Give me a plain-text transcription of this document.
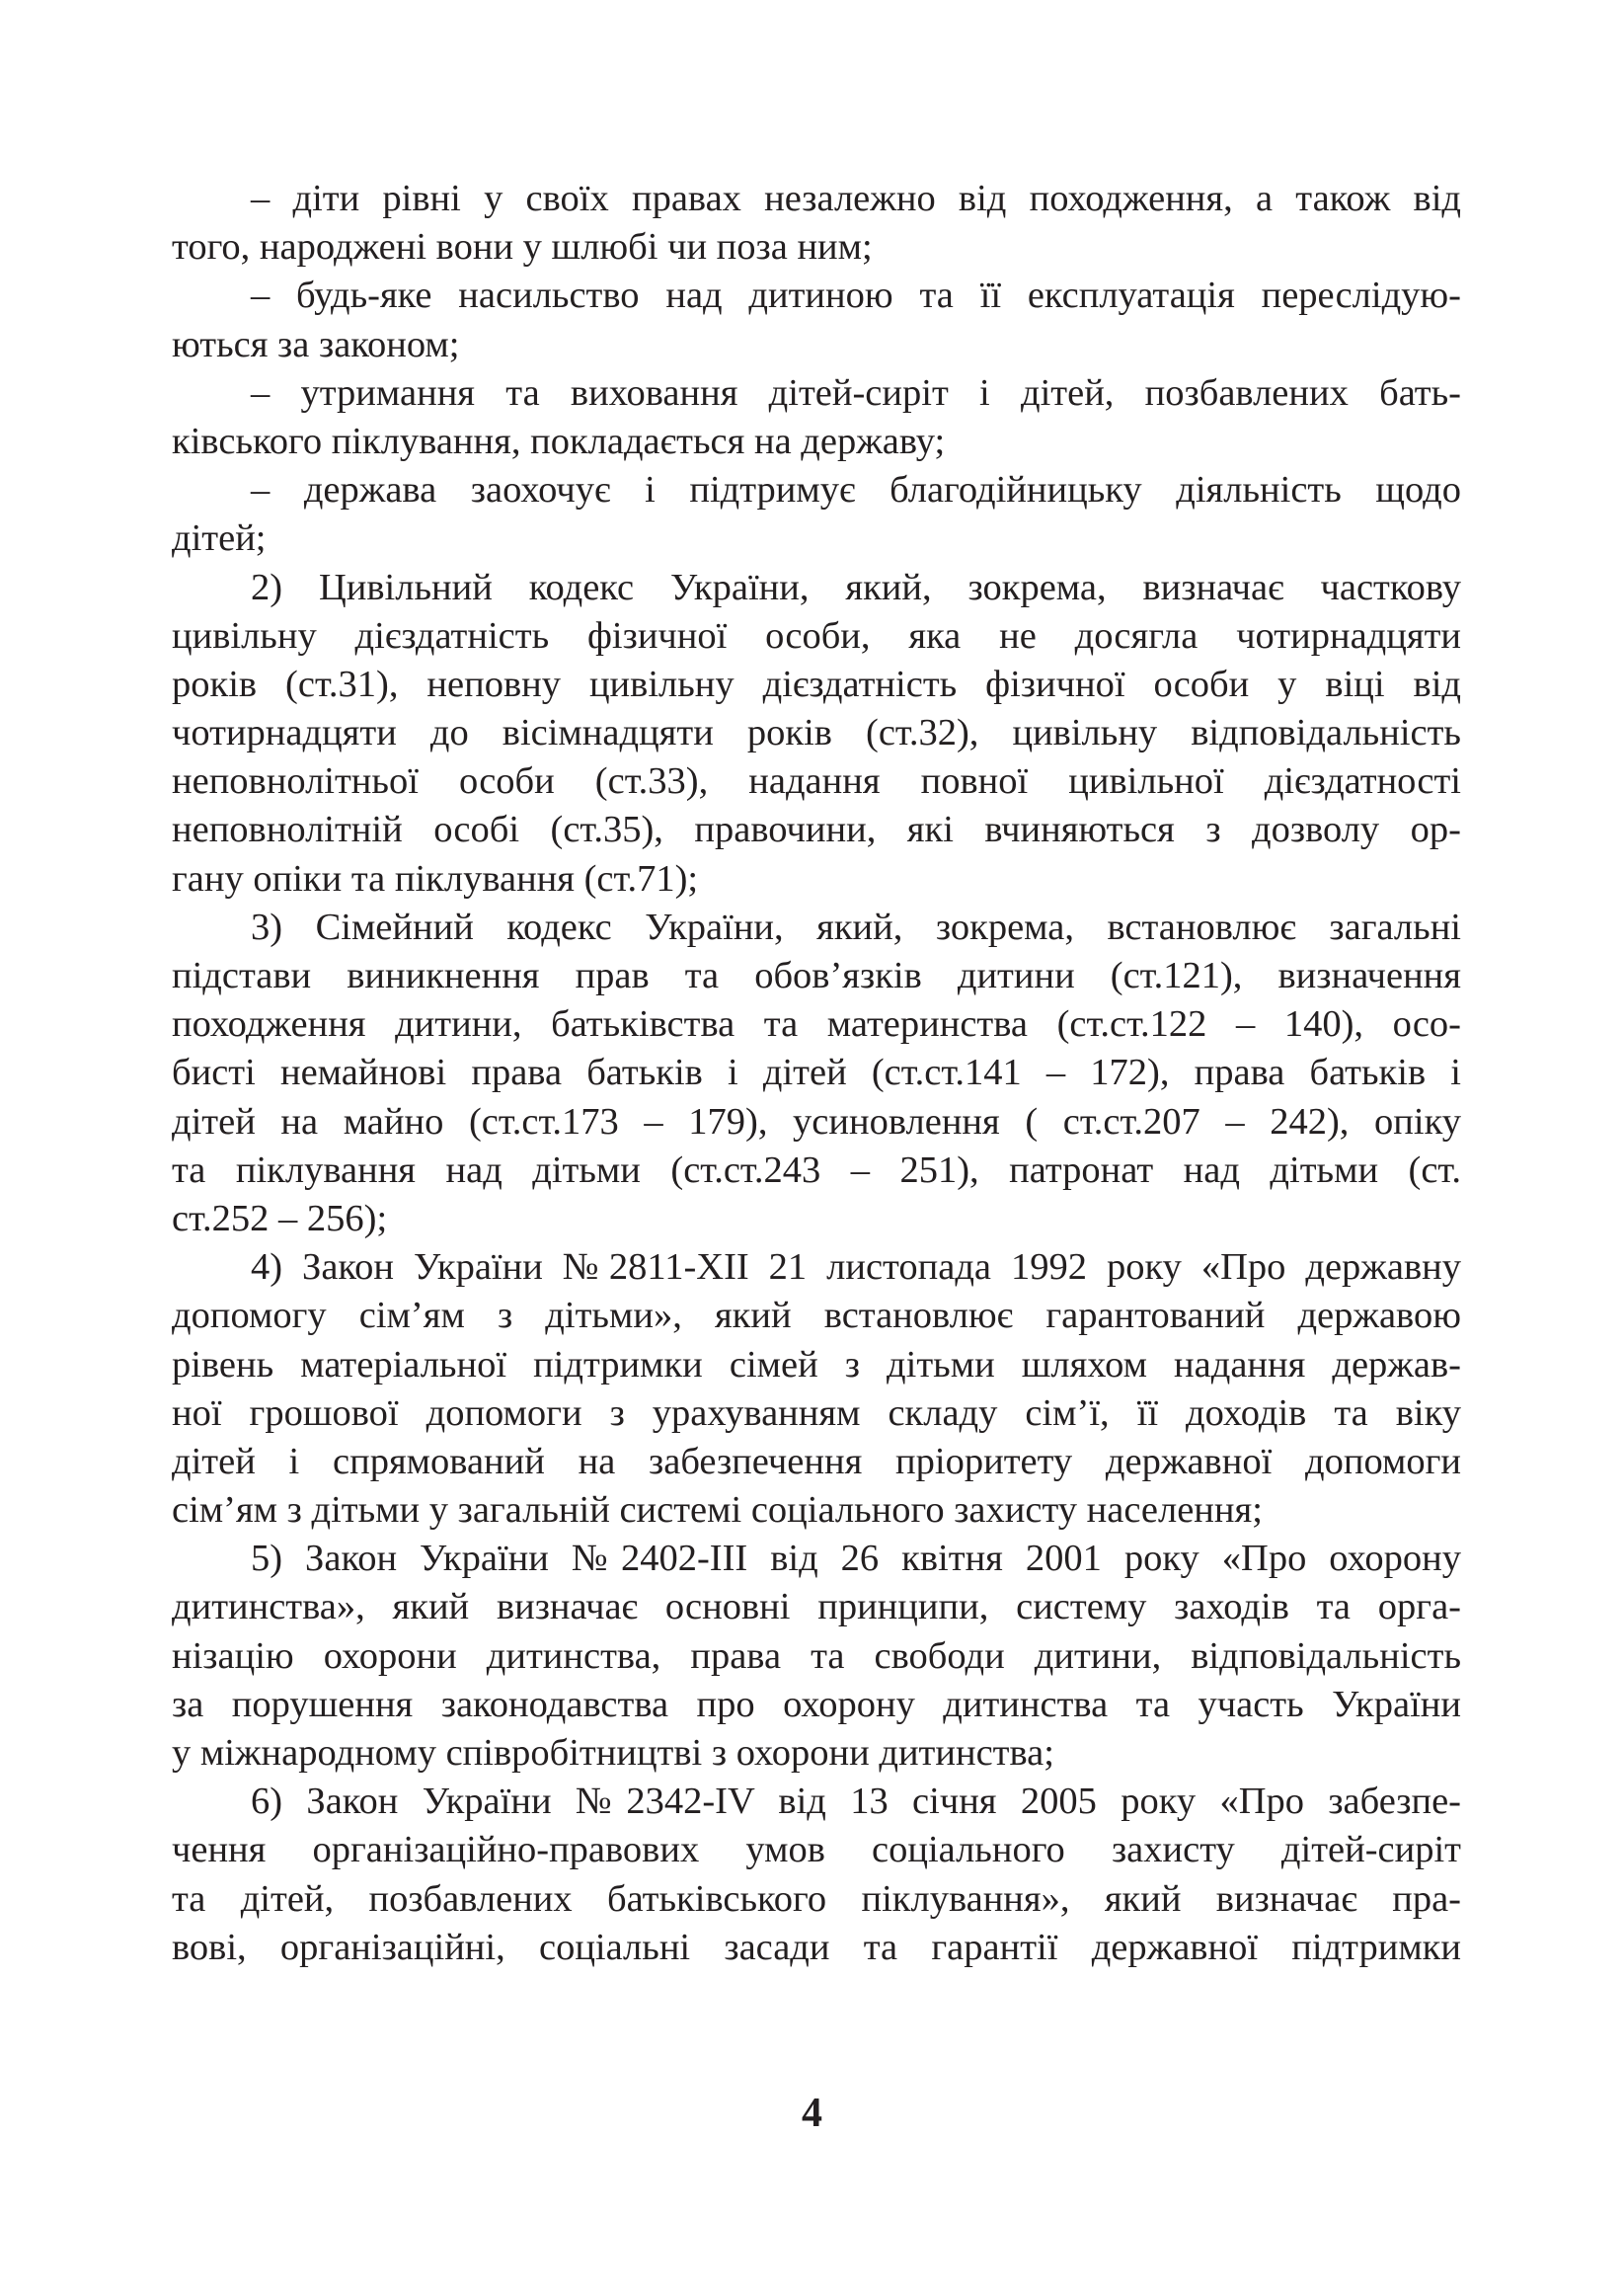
– діти рівні у своїх правах незалежно від походження, а також від
того, народжені вони у шлюбі чи поза ним;
– будь-яке насильство над дитиною та її експлуатація переслідую-
ються за законом;
– утримання та виховання дітей-сиріт і дітей, позбавлених бать-
ківського піклування, покладається на державу;
– держава заохочує і підтримує благодійницьку діяльність щодо
дітей;
2) Цивільний кодекс України, який, зокрема, визначає часткову
цивільну дієздатність фізичної особи, яка не досягла чотирнадцяти
років (ст.31), неповну цивільну дієздатність фізичної особи у віці від
чотирнадцяти до вісімнадцяти років (ст.32), цивільну відповідальність
неповнолітньої особи (ст.33), надання повної цивільної дієздатності
неповнолітній особі (ст.35), правочини, які вчиняються з дозволу ор-
гану опіки та піклування (ст.71);
3) Сімейний кодекс України, який, зокрема, встановлює загальні
підстави виникнення прав та обов’язків дитини (ст.121), визначення
походження дитини, батьківства та материнства (ст.ст.122 – 140), осо-
бисті немайнові права батьків і дітей (ст.ст.141 – 172), права батьків і
дітей на майно (ст.ст.173 – 179), усиновлення ( ст.ст.207 – 242), опіку
та піклування над дітьми (ст.ст.243 – 251), патронат над дітьми (ст.
ст.252 – 256);
4) Закон України №2811-XII 21 листопада 1992 року «Про державну
допомогу сім’ям з дітьми», який встановлює гарантований державою
рівень матеріальної підтримки сімей з дітьми шляхом надання держав-
ної грошової допомоги з урахуванням складу сім’ї, її доходів та віку
дітей і спрямований на забезпечення пріоритету державної допомоги
сім’ям з дітьми у загальній системі соціального захисту населення;
5) Закон України №2402-ІІІ від 26 квітня 2001 року «Про охорону
дитинства», який визначає основні принципи, систему заходів та орга-
нізацію охорони дитинства, права та свободи дитини, відповідальність
за порушення законодавства про охорону дитинства та участь України
у міжнародному співробітництві з охорони дитинства;
6) Закон України №2342-IV від 13 січня 2005 року «Про забезпе-
чення організаційно-правових умов соціального захисту дітей-сиріт
та дітей, позбавлених батьківського піклування», який визначає пра-
вові, організаційні, соціальні засади та гарантії державної підтримки
4
